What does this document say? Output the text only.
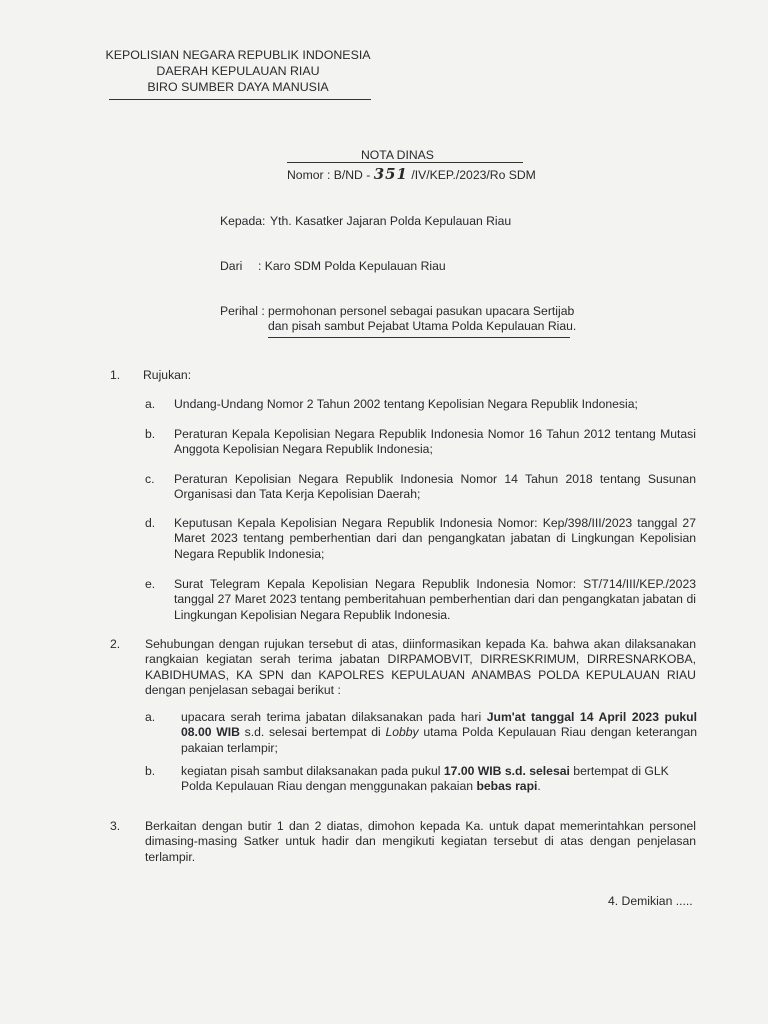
KEPOLISIAN NEGARA REPUBLIK INDONESIA
DAERAH KEPULAUAN RIAU
BIRO SUMBER DAYA MANUSIA
NOTA DINAS
Nomor : B/ND - 351 /IV/KEP./2023/Ro SDM
Kepada: Yth. Kasatker Jajaran Polda Kepulauan Riau
Dari : Karo SDM Polda Kepulauan Riau
Perihal : permohonan personel sebagai pasukan upacara Sertijab
dan pisah sambut Pejabat Utama Polda Kepulauan Riau.
1. Rujukan:
a. Undang-Undang Nomor 2 Tahun 2002 tentang Kepolisian Negara Republik Indonesia;
b. Peraturan Kepala Kepolisian Negara Republik Indonesia Nomor 16 Tahun 2012 tentang Mutasi Anggota Kepolisian Negara Republik Indonesia;
c. Peraturan Kepolisian Negara Republik Indonesia Nomor 14 Tahun 2018 tentang Susunan Organisasi dan Tata Kerja Kepolisian Daerah;
d. Keputusan Kepala Kepolisian Negara Republik Indonesia Nomor: Kep/398/III/2023 tanggal 27 Maret 2023 tentang pemberhentian dari dan pengangkatan jabatan di Lingkungan Kepolisian Negara Republik Indonesia;
e. Surat Telegram Kepala Kepolisian Negara Republik Indonesia Nomor: ST/714/III/KEP./2023 tanggal 27 Maret 2023 tentang pemberitahuan pemberhentian dari dan pengangkatan jabatan di Lingkungan Kepolisian Negara Republik Indonesia.
2. Sehubungan dengan rujukan tersebut di atas, diinformasikan kepada Ka. bahwa akan dilaksanakan rangkaian kegiatan serah terima jabatan DIRPAMOBVIT, DIRRESKRIMUM, DIRRESNARKOBA, KABIDHUMAS, KA SPN dan KAPOLRES KEPULAUAN ANAMBAS POLDA KEPULAUAN RIAU dengan penjelasan sebagai berikut :
a. upacara serah terima jabatan dilaksanakan pada hari Jum'at tanggal 14 April 2023 pukul 08.00 WIB s.d. selesai bertempat di Lobby utama Polda Kepulauan Riau dengan keterangan pakaian terlampir;
b. kegiatan pisah sambut dilaksanakan pada pukul 17.00 WIB s.d. selesai bertempat di GLK Polda Kepulauan Riau dengan menggunakan pakaian bebas rapi.
3. Berkaitan dengan butir 1 dan 2 diatas, dimohon kepada Ka. untuk dapat memerintahkan personel dimasing-masing Satker untuk hadir dan mengikuti kegiatan tersebut di atas dengan penjelasan terlampir.
4. Demikian .....
